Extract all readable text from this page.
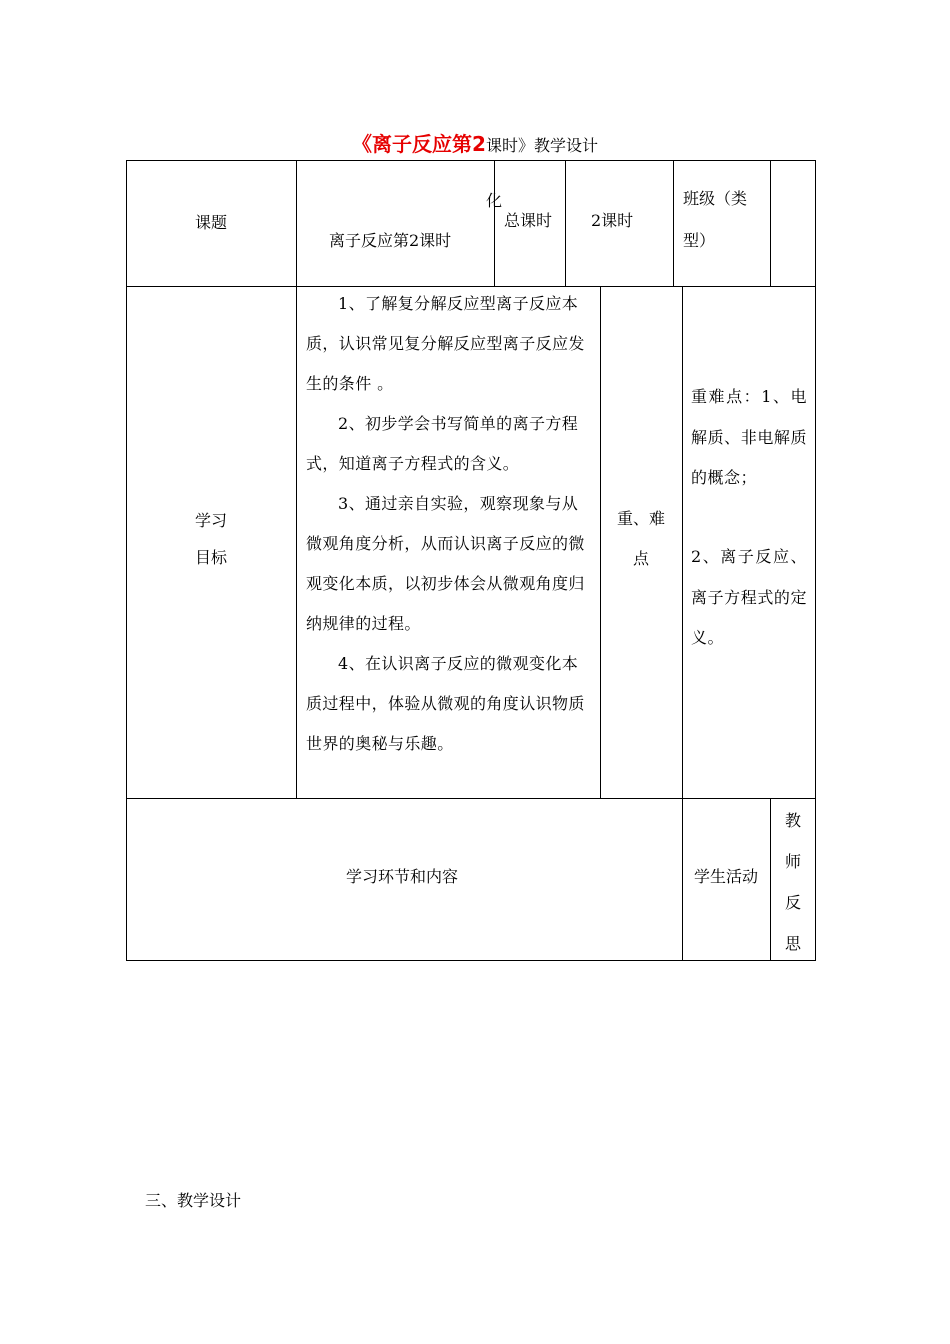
《离子反应第2课时》教学设计
课题
化
离子反应第2课时
总课时 2课时
班级（类
型）
学习
目标

1、了解复分解反应型离子反应本质，认识常见复分解反应型离子反应发生的条件 。

2、初步学会书写简单的离子方程式，知道离子方程式的含义。

3、通过亲自实验，观察现象与从微观角度分析，从而认识离子反应的微观变化本质，以初步体会从微观角度归纳规律的过程。

4、在认识离子反应的微观变化本质过程中，体验从微观的角度认识物质世界的奥秘与乐趣。

重、难
点
重难点：1、电解质、非电解质的概念；
2、离子反应、离子方程式的定义。
学习环节和内容	学生活动
教
师
反
思
三、教学设计
